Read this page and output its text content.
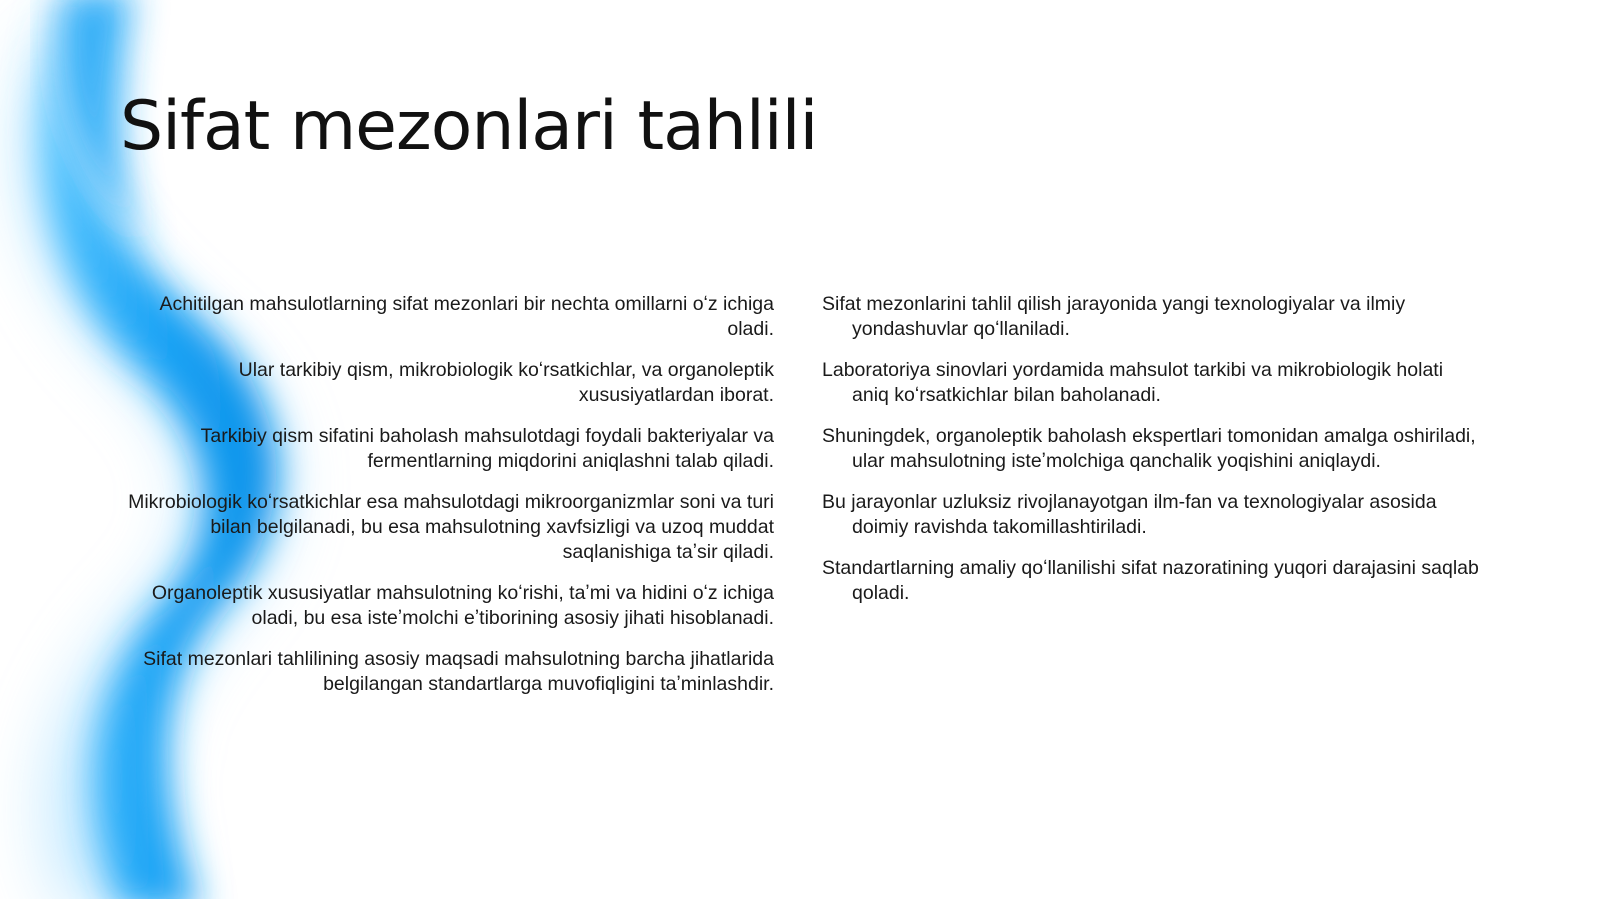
Sifat mezonlari tahlili
Achitilgan mahsulotlarning sifat mezonlari bir nechta omillarni oʻz ichiga oladi.
Ular tarkibiy qism, mikrobiologik koʻrsatkichlar, va organoleptik xususiyatlardan iborat.
Tarkibiy qism sifatini baholash mahsulotdagi foydali bakteriyalar va fermentlarning miqdorini aniqlashni talab qiladi.
Mikrobiologik koʻrsatkichlar esa mahsulotdagi mikroorganizmlar soni va turi bilan belgilanadi, bu esa mahsulotning xavfsizligi va uzoq muddat saqlanishiga taʼsir qiladi.
Organoleptik xususiyatlar mahsulotning koʻrishi, taʼmi va hidini oʻz ichiga oladi, bu esa isteʼmolchi eʼtiborining asosiy jihati hisoblanadi.
Sifat mezonlari tahlilining asosiy maqsadi mahsulotning barcha jihatlarida belgilangan standartlarga muvofiqligini taʼminlashdir.
Sifat mezonlarini tahlil qilish jarayonida yangi texnologiyalar va ilmiy yondashuvlar qoʻllaniladi.
Laboratoriya sinovlari yordamida mahsulot tarkibi va mikrobiologik holati aniq koʻrsatkichlar bilan baholanadi.
Shuningdek, organoleptik baholash ekspertlari tomonidan amalga oshiriladi, ular mahsulotning isteʼmolchiga qanchalik yoqishini aniqlaydi.
Bu jarayonlar uzluksiz rivojlanayotgan ilm-fan va texnologiyalar asosida doimiy ravishda takomillashtiriladi.
Standartlarning amaliy qoʻllanilishi sifat nazoratining yuqori darajasini saqlab qoladi.
